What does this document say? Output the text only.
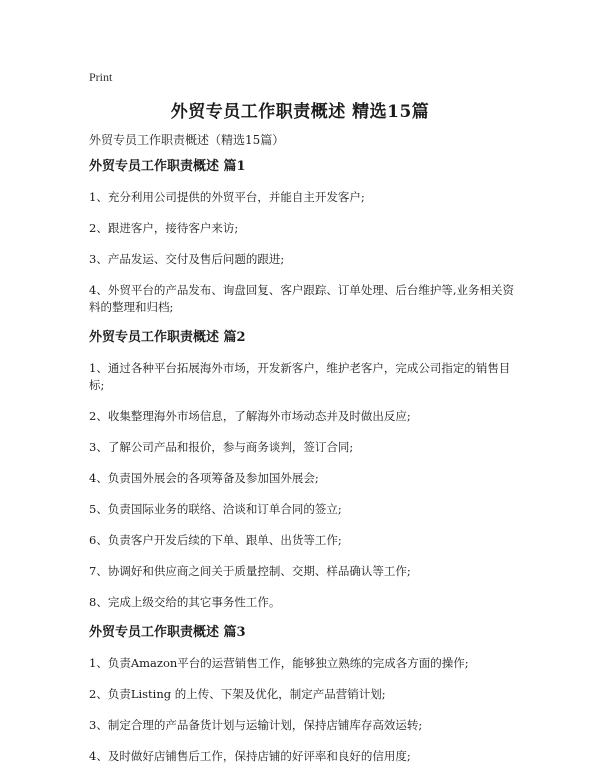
Print
外贸专员工作职责概述 精选15篇
外贸专员工作职责概述（精选15篇）
外贸专员工作职责概述 篇1
1、充分利用公司提供的外贸平台，并能自主开发客户;
2、跟进客户，接待客户来访;
3、产品发运、交付及售后问题的跟进;
4、外贸平台的产品发布、询盘回复、客户跟踪、订单处理、后台维护等,业务相关资料的整理和归档;
外贸专员工作职责概述 篇2
1、通过各种平台拓展海外市场，开发新客户，维护老客户，完成公司指定的销售目标;
2、收集整理海外市场信息，了解海外市场动态并及时做出反应;
3、了解公司产品和报价，参与商务谈判，签订合同;
4、负责国外展会的各项筹备及参加国外展会;
5、负责国际业务的联络、洽谈和订单合同的签立;
6、负责客户开发后续的下单、跟单、出货等工作;
7、协调好和供应商之间关于质量控制、交期、样品确认等工作;
8、完成上级交给的其它事务性工作。
外贸专员工作职责概述 篇3
1、负责Amazon平台的运营销售工作，能够独立熟练的完成各方面的操作;
2、负责Listing 的上传、下架及优化，制定产品营销计划;
3、制定合理的产品备货计划与运输计划，保持店铺库存高效运转;
4、及时做好店铺售后工作，保持店铺的好评率和良好的信用度;
